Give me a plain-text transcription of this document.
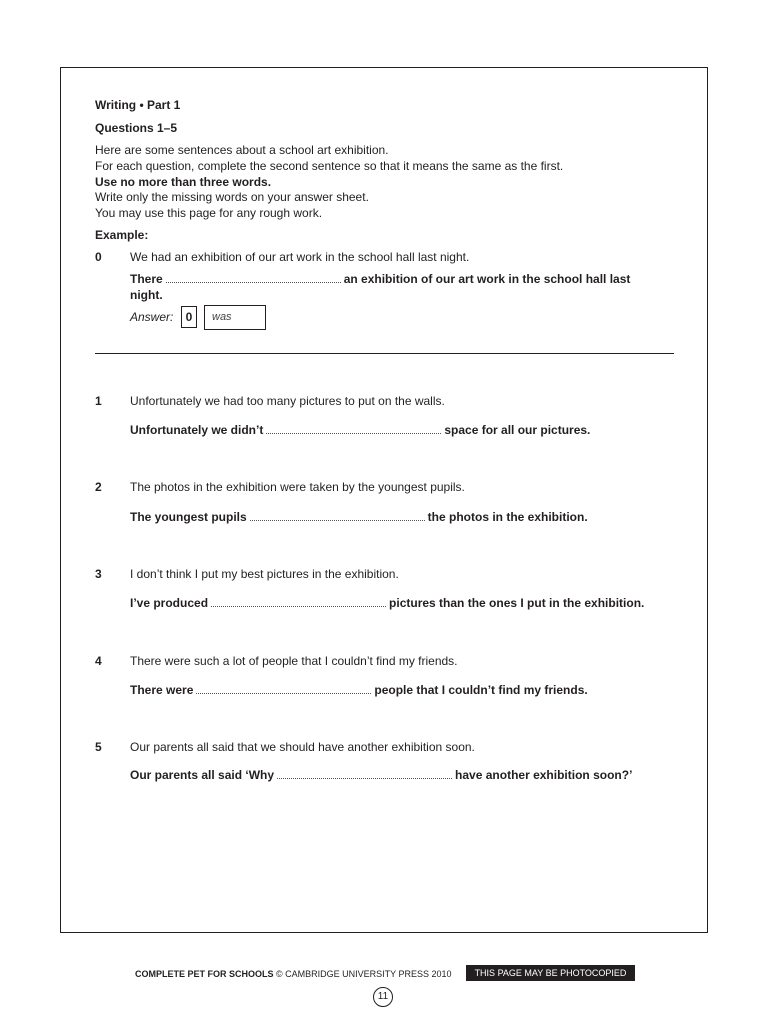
Writing • Part 1
Questions 1–5
Here are some sentences about a school art exhibition.
For each question, complete the second sentence so that it means the same as the first.
Use no more than three words.
Write only the missing words on your answer sheet.
You may use this page for any rough work.
Example:
0 We had an exhibition of our art work in the school hall last night.
There	an exhibition of our art work in the school hall last
night.
Answer:	0	was
1 Unfortunately we had too many pictures to put on the walls.
Unfortunately we didn’t	space for all our pictures.
2 The photos in the exhibition were taken by the youngest pupils.
The youngest pupils	the photos in the exhibition.
3 I don’t think I put my best pictures in the exhibition.
I’ve produced	pictures than the ones I put in the exhibition.
4 There were such a lot of people that I couldn’t find my friends.
There were	people that I couldn’t find my friends.
5 Our parents all said that we should have another exhibition soon.
Our parents all said ‘Why	have another exhibition soon?’
COMPLETE PET FOR SCHOOLS © CAMBRIDGE UNIVERSITY PRESS 2010	THIS PAGE MAY BE PHOTOCOPIED
11
